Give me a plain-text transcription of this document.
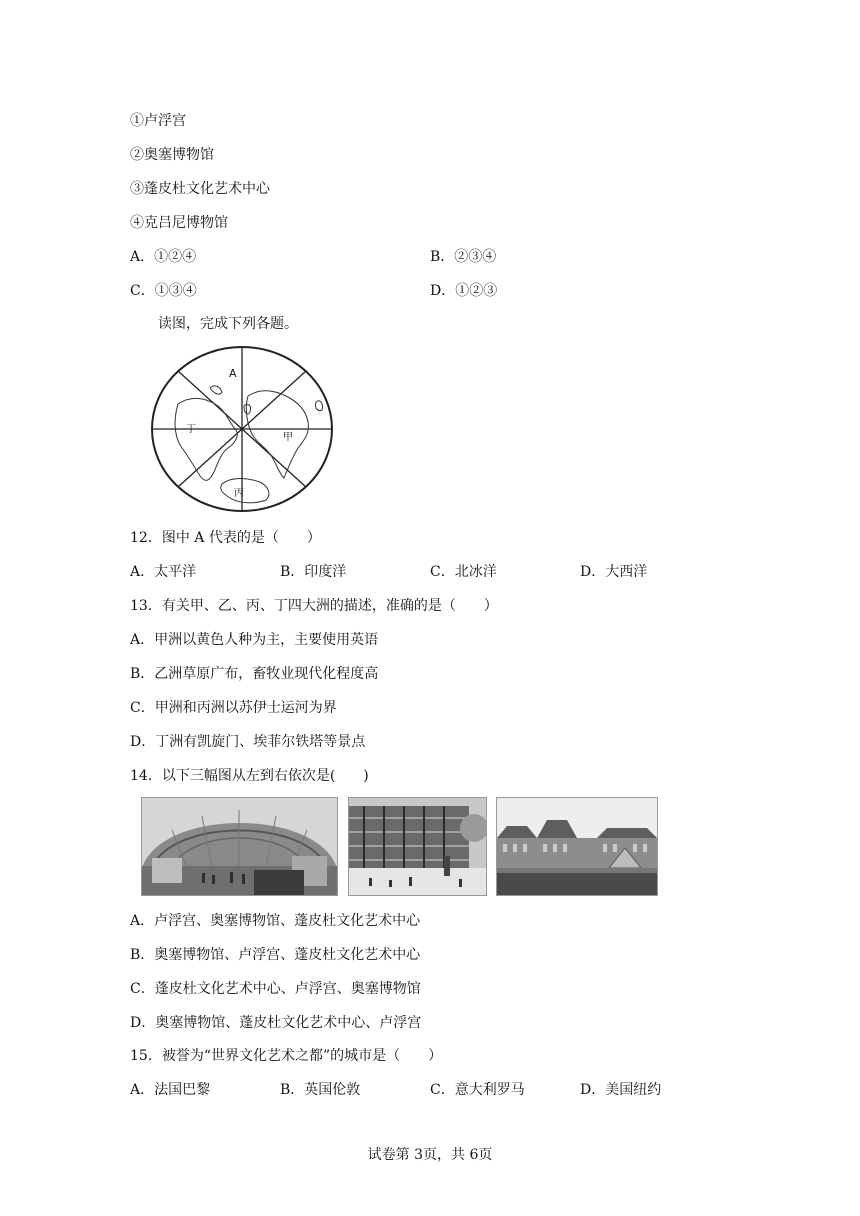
①卢浮宫
②奥塞博物馆
③蓬皮杜文化艺术中心
④克吕尼博物馆
A．①②④	B．②③④
C．①③④	D．①②③
读图，完成下列各题。
A
丁
甲
丙
12．图中 A 代表的是（　　）
A．太平洋	B．印度洋	C．北冰洋	D．大西洋
13．有关甲、乙、丙、丁四大洲的描述，准确的是（　　）
A．甲洲以黄色人种为主，主要使用英语
B．乙洲草原广布，畜牧业现代化程度高
C．甲洲和丙洲以苏伊士运河为界
D．丁洲有凯旋门、埃菲尔铁塔等景点
14．以下三幅图从左到右依次是(　　)
A．卢浮宫、奥塞博物馆、蓬皮杜文化艺术中心
B．奥塞博物馆、卢浮宫、蓬皮杜文化艺术中心
C．蓬皮杜文化艺术中心、卢浮宫、奥塞博物馆
D．奥塞博物馆、蓬皮杜文化艺术中心、卢浮宫
15．被誉为“世界文化艺术之都”的城市是（　　）
A．法国巴黎	B．英国伦敦	C．意大利罗马	D．美国纽约
试卷第 3页，共 6页
